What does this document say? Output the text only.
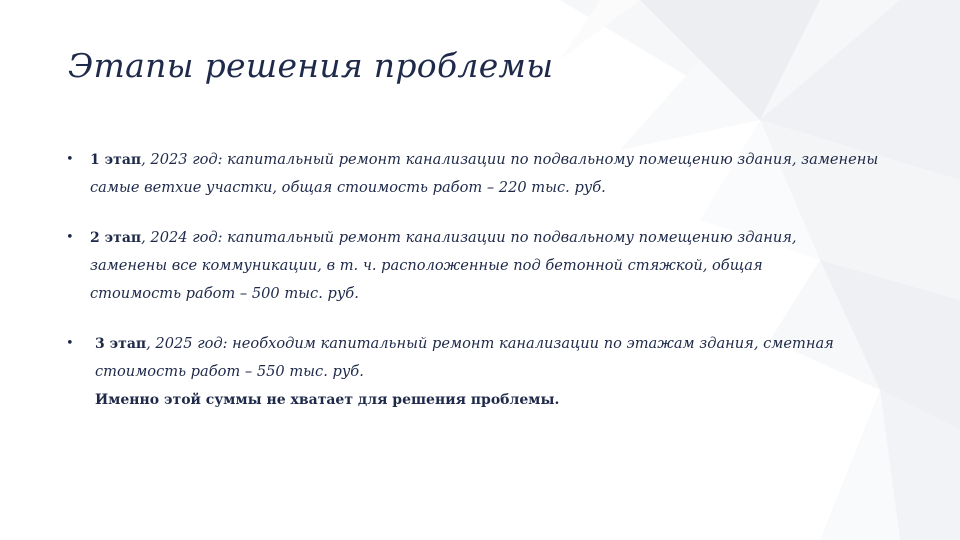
Этапы решения проблемы
•	1 этап, 2023 год: капитальный ремонт канализации по подвальному помещению здания, заменены самые ветхие участки, общая стоимость работ – 220 тыс. руб.
•	2 этап, 2024 год: капитальный ремонт канализации по подвальному помещению здания, заменены все коммуникации, в т. ч. расположенные под бетонной стяжкой, общая стоимость работ – 500 тыс. руб.
•	3 этап, 2025 год: необходим капитальный ремонт канализации по этажам здания, сметная стоимость работ – 550 тыс. руб.
Именно этой суммы не хватает для решения проблемы.
